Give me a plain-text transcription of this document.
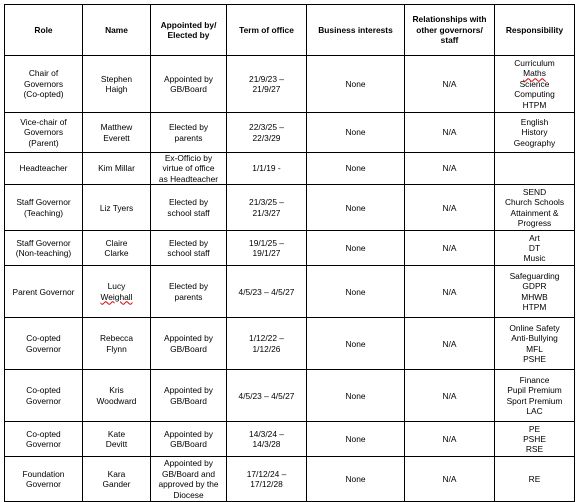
Role	Name	Appointed by/ Elected by	Term of office	Business interests	Relationships with other governors/ staff	Responsibility

Chair of
Governors
(Co-opted)	Stephen
Haigh	Appointed by
GB/Board	21/9/23 –
21/9/27	None	N/A	Curriculum
Maths
Science
Computing
HTPM

Vice-chair of
Governors
(Parent)	Matthew
Everett	Elected by
parents	22/3/25 –
22/3/29	None	N/A	English
History
Geography

Headteacher	Kim Millar	Ex-Officio by
virtue of office
as Headteacher	1/1/19 -	None	N/A	

Staff Governor
(Teaching)	Liz Tyers	Elected by
school staff	21/3/25 –
21/3/27	None	N/A	SEND
Church Schools
Attainment &
Progress

Staff Governor
(Non-teaching)	Claire
Clarke	Elected by
school staff	19/1/25 –
19/1/27	None	N/A	Art
DT
Music

Parent Governor	Lucy
Weighall	Elected by
parents	4/5/23 – 4/5/27	None	N/A	Safeguarding
GDPR
MHWB
HTPM

Co-opted
Governor	Rebecca
Flynn	Appointed by
GB/Board	1/12/22 –
1/12/26	None	N/A	Online Safety
Anti-Bullying
MFL
PSHE

Co-opted
Governor	Kris
Woodward	Appointed by
GB/Board	4/5/23 – 4/5/27	None	N/A	Finance
Pupil Premium
Sport Premium
LAC

Co-opted
Governor	Kate
Devitt	Appointed by
GB/Board	14/3/24 –
14/3/28	None	N/A	PE
PSHE
RSE

Foundation
Governor	Kara
Gander	Appointed by
GB/Board and
approved by the
Diocese	17/12/24 –
17/12/28	None	N/A	RE
